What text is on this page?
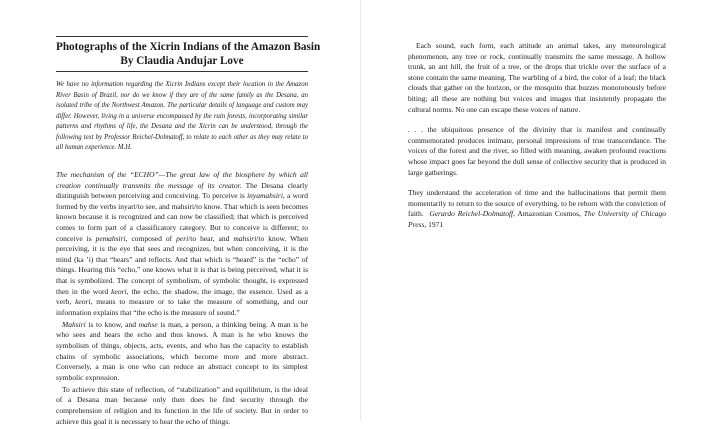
Photographs of the Xicrin Indians of the Amazon Basin
By Claudia Andujar Love

We have no information regarding the Xicrin Indians except their location in the Amazon River Basin of Brazil, nor do we know if they are of the same family as the Desana, an isolated tribe of the Northwest Amazon. The particular details of language and custom may differ. However, living in a universe encompassed by the rain forests, incorporating similar patterns and rhythms of life, the Desana and the Xicrin can be understood, through the following text by Professor Reichel-Dolmatoff, to relate to each other as they may relate to all human experience. M.H.

The mechanism of the “ECHO”—The great law of the biosphere by which all creation continually transmits the message of its creator. The Desana clearly distinguish between perceiving and conceiving. To perceive is inyamahsiri, a word formed by the verbs inyari/to see, and mahsiri/to know. That which is seen becomes known because it is recognized and can now be classified; that which is perceived comes to form part of a classificatory category. But to conceive is different; to conceive is pemahsiri, composed of peri/to hear, and mahsiri/to know. When perceiving, it is the eye that sees and recognizes, but when conceiving, it is the mind (ka ’i) that “hears” and reflects. And that which is “heard” is the “echo” of things. Hearing this “echo,” one knows what it is that is being perceived, what it is that is symbolized. The concept of symbolism, of symbolic thought, is expressed then in the word keori, the echo, the shadow, the image, the essence. Used as a verb, keori, means to measure or to take the measure of something, and our information explains that “the echo is the measure of sound.”

Mahsiri is to know, and mahse is man, a person, a thinking being. A man is he who sees and hears the echo and thus knows. A man is he who knows the symbolism of things, objects, acts, events, and who has the capacity to establish chains of symbolic associations, which become more and more abstract. Conversely, a man is one who can reduce an abstract concept to its simplest symbolic expression.

To achieve this state of reflection, of “stabilization” and equilibrium, is the ideal of a Desana man because only then does he find security through the comprehension of religion and its function in the life of society. But in order to achieve this goal it is necessary to hear the echo of things.

Each sound, each form, each attitude an animal takes, any meteorological phenomenon, any tree or rock, continually transmits the same message. A hollow trunk, an ant hill, the fruit of a tree, or the drops that trickle over the surface of a stone contain the same meaning. The warbling of a bird, the color of a leaf; the black clouds that gather on the horizon, or the mosquito that buzzes monotonously before biting; all these are nothing but voices and images that insistently propagate the cultural norms. No one can escape these voices of nature.

. . . the ubiquitous presence of the divinity that is manifest and continually commemorated produces intimate, personal impressions of true transcendance. The voices of the forest and the river, so filled with meaning, awaken profound reactions whose impact goes far beyond the dull sense of collective security that is produced in large gatherings.

They understand the acceleration of time and the hallucinations that permit them momentarily to return to the source of everything, to be reborn with the conviction of faith. Gerardo Reichel-Dolmatoff, Amazonian Cosmos, The University of Chicago Press, 1971
